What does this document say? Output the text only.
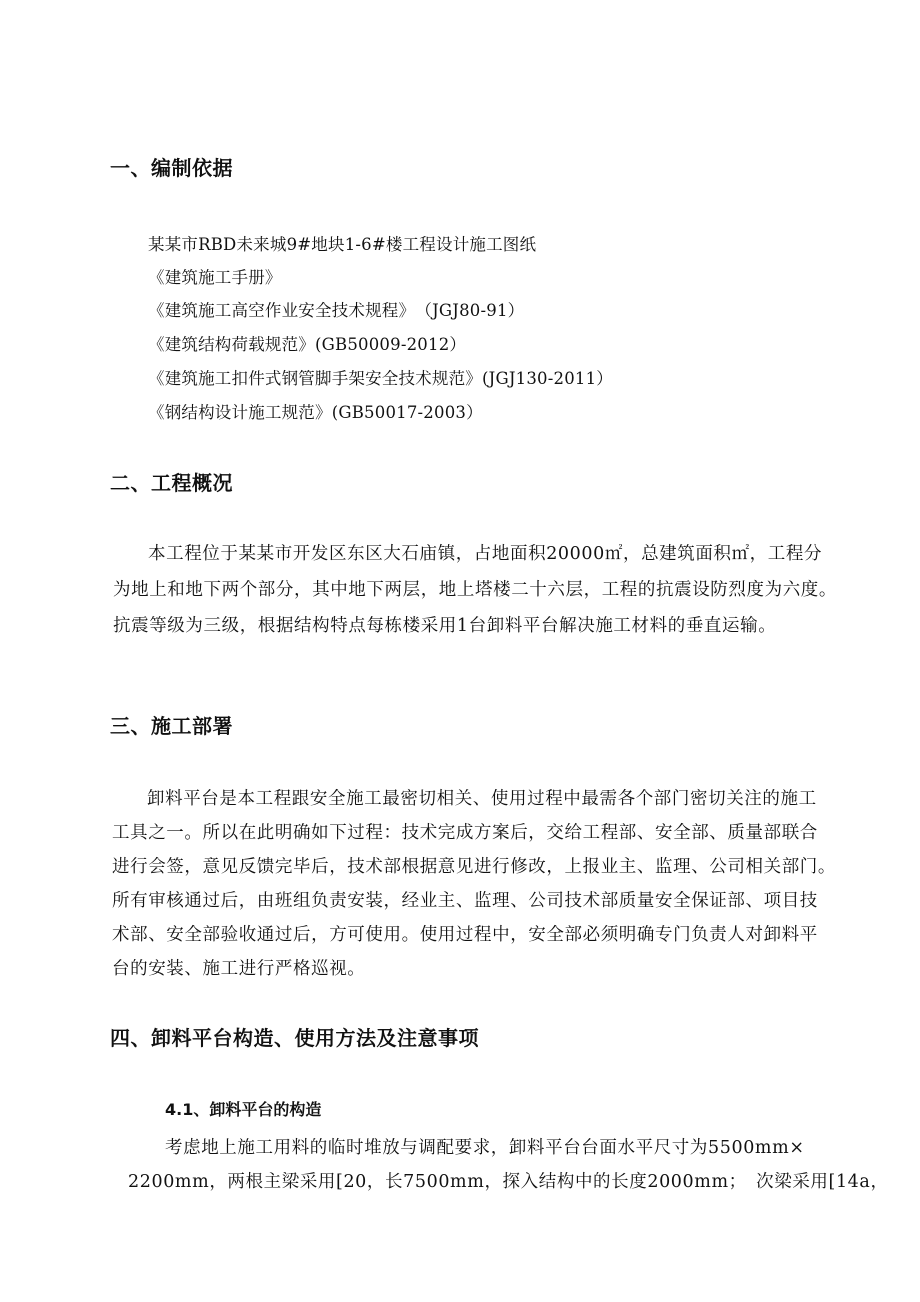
一、编制依据
某某市RBD未来城9#地块1-6#楼工程设计施工图纸
《建筑施工手册》
《建筑施工高空作业安全技术规程》　（JGJ80-91）
《建筑结构荷载规范》(GB50009-2012）
《建筑施工扣件式钢管脚手架安全技术规范》(JGJ130-2011）
《钢结构设计施工规范》(GB50017-2003）
二、工程概况
本工程位于某某市开发区东区大石庙镇，占地面积20000㎡，总建筑面积㎡，工程分
为地上和地下两个部分，其中地下两层，地上塔楼二十六层，工程的抗震设防烈度为六度。
抗震等级为三级，根据结构特点每栋楼采用1台卸料平台解决施工材料的垂直运输。
三、施工部署
卸料平台是本工程跟安全施工最密切相关、使用过程中最需各个部门密切关注的施工
工具之一。所以在此明确如下过程：技术完成方案后，交给工程部、安全部、质量部联合
进行会签，意见反馈完毕后，技术部根据意见进行修改，上报业主、监理、公司相关部门。
所有审核通过后，由班组负责安装，经业主、监理、公司技术部质量安全保证部、项目技
术部、安全部验收通过后，方可使用。使用过程中，安全部必须明确专门负责人对卸料平
台的安装、施工进行严格巡视。
四、卸料平台构造、使用方法及注意事项
4.1、卸料平台的构造
考虑地上施工用料的临时堆放与调配要求，卸料平台台面水平尺寸为5500mm×
2200mm，两根主梁采用[20，长7500mm，探入结构中的长度2000mm；　次梁采用[14a，
